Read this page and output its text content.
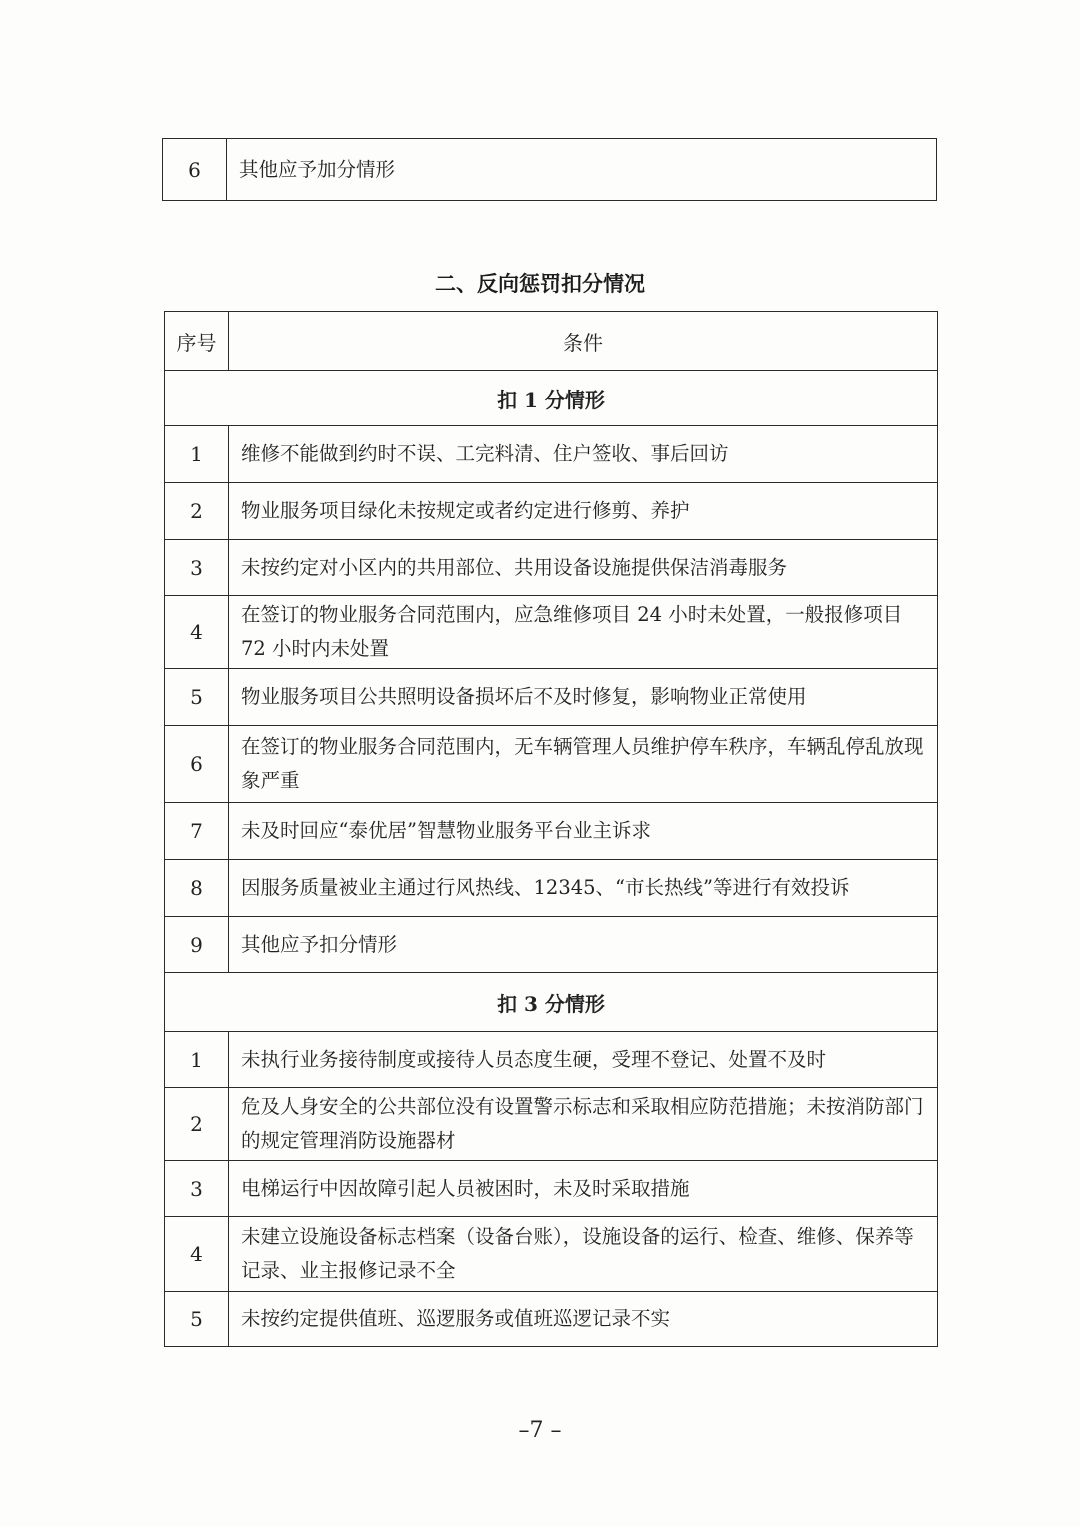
6	其他应予加分情形
二、反向惩罚扣分情况
序号	条件
扣 1 分情形	
1	维修不能做到约时不误、工完料清、住户签收、事后回访
2	物业服务项目绿化未按规定或者约定进行修剪、养护
3	未按约定对小区内的共用部位、共用设备设施提供保洁消毒服务
4	在签订的物业服务合同范围内，应急维修项目 24 小时未处置，一般报修项目 72 小时内未处置
5	物业服务项目公共照明设备损坏后不及时修复，影响物业正常使用
6	在签订的物业服务合同范围内，无车辆管理人员维护停车秩序，车辆乱停乱放现象严重
7	未及时回应“泰优居”智慧物业服务平台业主诉求
8	因服务质量被业主通过行风热线、12345、“市长热线”等进行有效投诉
9	其他应予扣分情形
扣 3 分情形	
1	未执行业务接待制度或接待人员态度生硬，受理不登记、处置不及时
2	危及人身安全的公共部位没有设置警示标志和采取相应防范措施；未按消防部门的规定管理消防设施器材
3	电梯运行中因故障引起人员被困时，未及时采取措施
4	未建立设施设备标志档案（设备台账），设施设备的运行、检查、维修、保养等记录、业主报修记录不全
5	未按约定提供值班、巡逻服务或值班巡逻记录不实
–7 –
